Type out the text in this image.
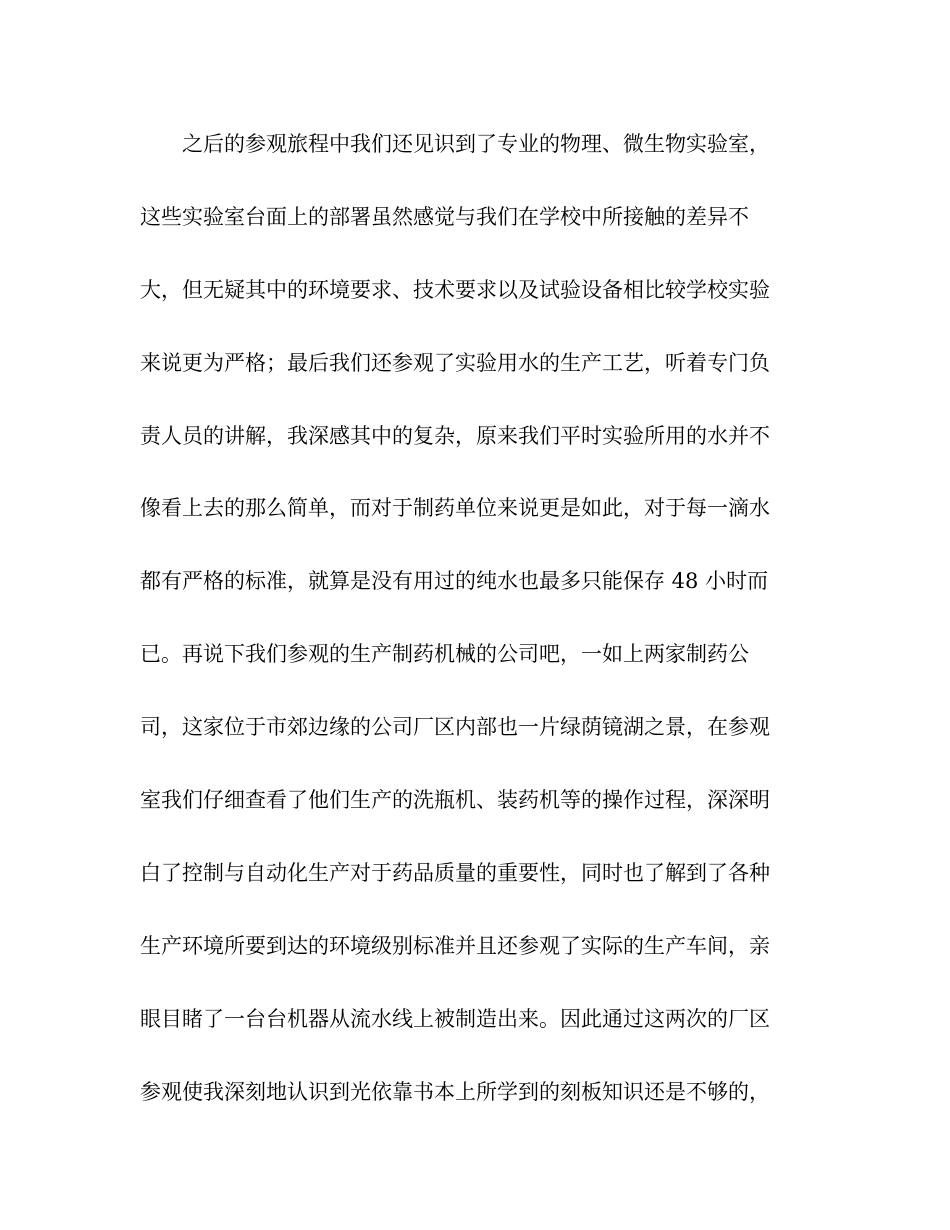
之后的参观旅程中我们还见识到了专业的物理、微生物实验室，
这些实验室台面上的部署虽然感觉与我们在学校中所接触的差异不
大，但无疑其中的环境要求、技术要求以及试验设备相比较学校实验
来说更为严格；最后我们还参观了实验用水的生产工艺，听着专门负
责人员的讲解，我深感其中的复杂，原来我们平时实验所用的水并不
像看上去的那么简单，而对于制药单位来说更是如此，对于每一滴水
都有严格的标准，就算是没有用过的纯水也最多只能保存 48 小时而
已。再说下我们参观的生产制药机械的公司吧，一如上两家制药公
司，这家位于市郊边缘的公司厂区内部也一片绿荫镜湖之景，在参观
室我们仔细查看了他们生产的洗瓶机、装药机等的操作过程，深深明
白了控制与自动化生产对于药品质量的重要性，同时也了解到了各种
生产环境所要到达的环境级别标准并且还参观了实际的生产车间，亲
眼目睹了一台台机器从流水线上被制造出来。因此通过这两次的厂区
参观使我深刻地认识到光依靠书本上所学到的刻板知识还是不够的，
